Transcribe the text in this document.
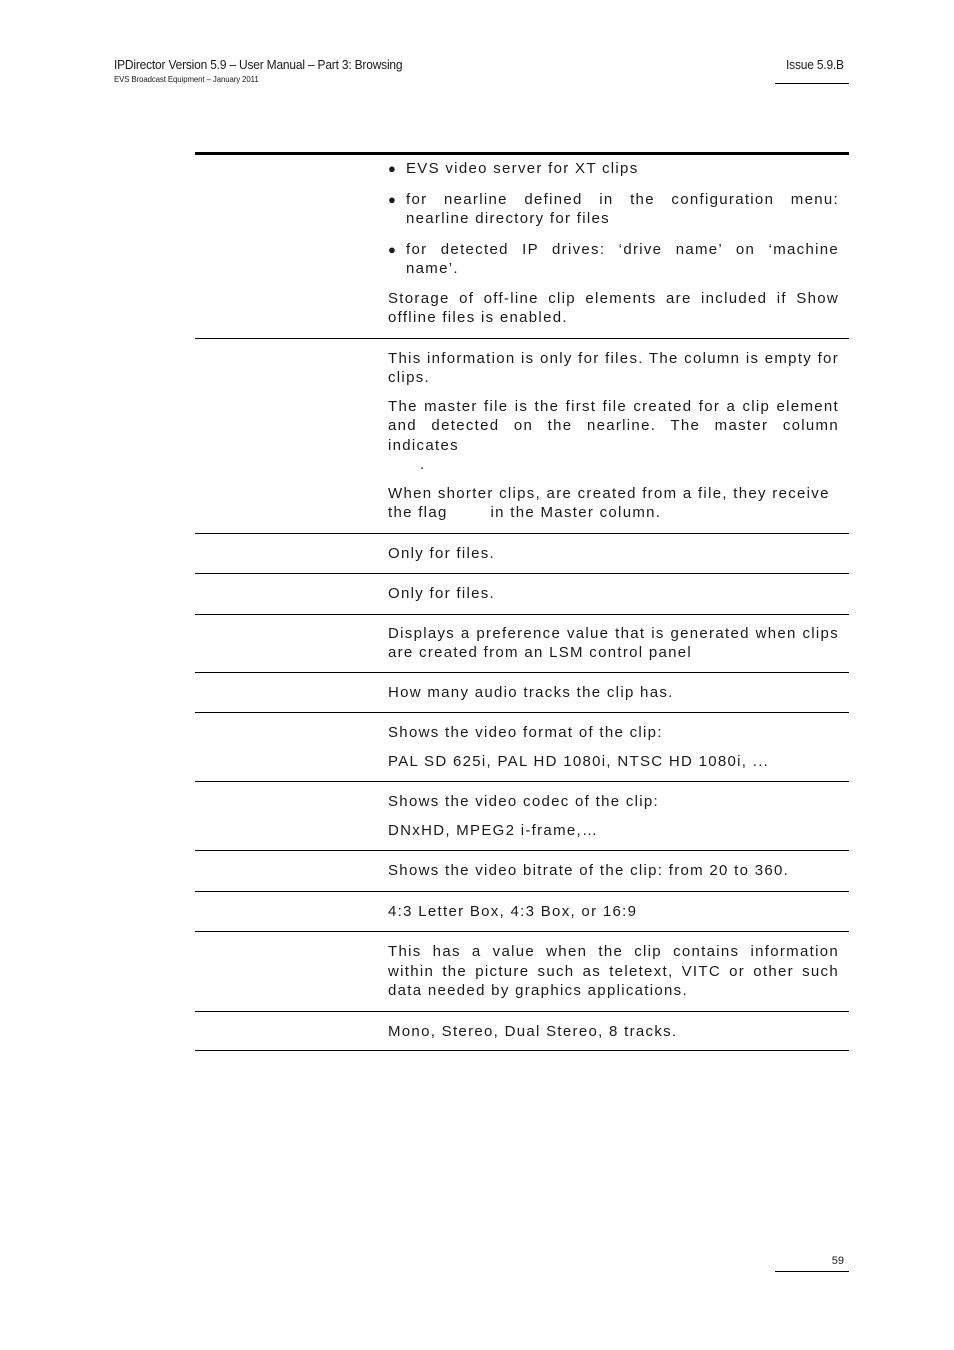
IPDirector Version 5.9 – User Manual – Part 3: Browsing
EVS Broadcast Equipment – January 2011
Issue 5.9.B
● EVS video server for XT clips
● for nearline defined in the configuration menu: nearline directory for files
● for detected IP drives: ‘drive name’ on ‘machine name’.

Storage of off-line clip elements are included if Show offline files is enabled.

This information is only for files. The column is empty for clips.

The master file is the first file created for a clip element and detected on the nearline. The master column indicates
.

When shorter clips, are created from a file, they receive the flag	in the Master column.

Only for files.

Only for files.

Displays a preference value that is generated when clips are created from an LSM control panel

How many audio tracks the clip has.

Shows the video format of the clip:

PAL SD 625i, PAL HD 1080i, NTSC HD 1080i, ...

Shows the video codec of the clip:

DNxHD, MPEG2 i-frame,…

Shows the video bitrate of the clip: from 20 to 360.

4:3 Letter Box, 4:3 Box, or 16:9

This has a value when the clip contains information within the picture such as teletext, VITC or other such data needed by graphics applications.

Mono, Stereo, Dual Stereo, 8 tracks.

59
